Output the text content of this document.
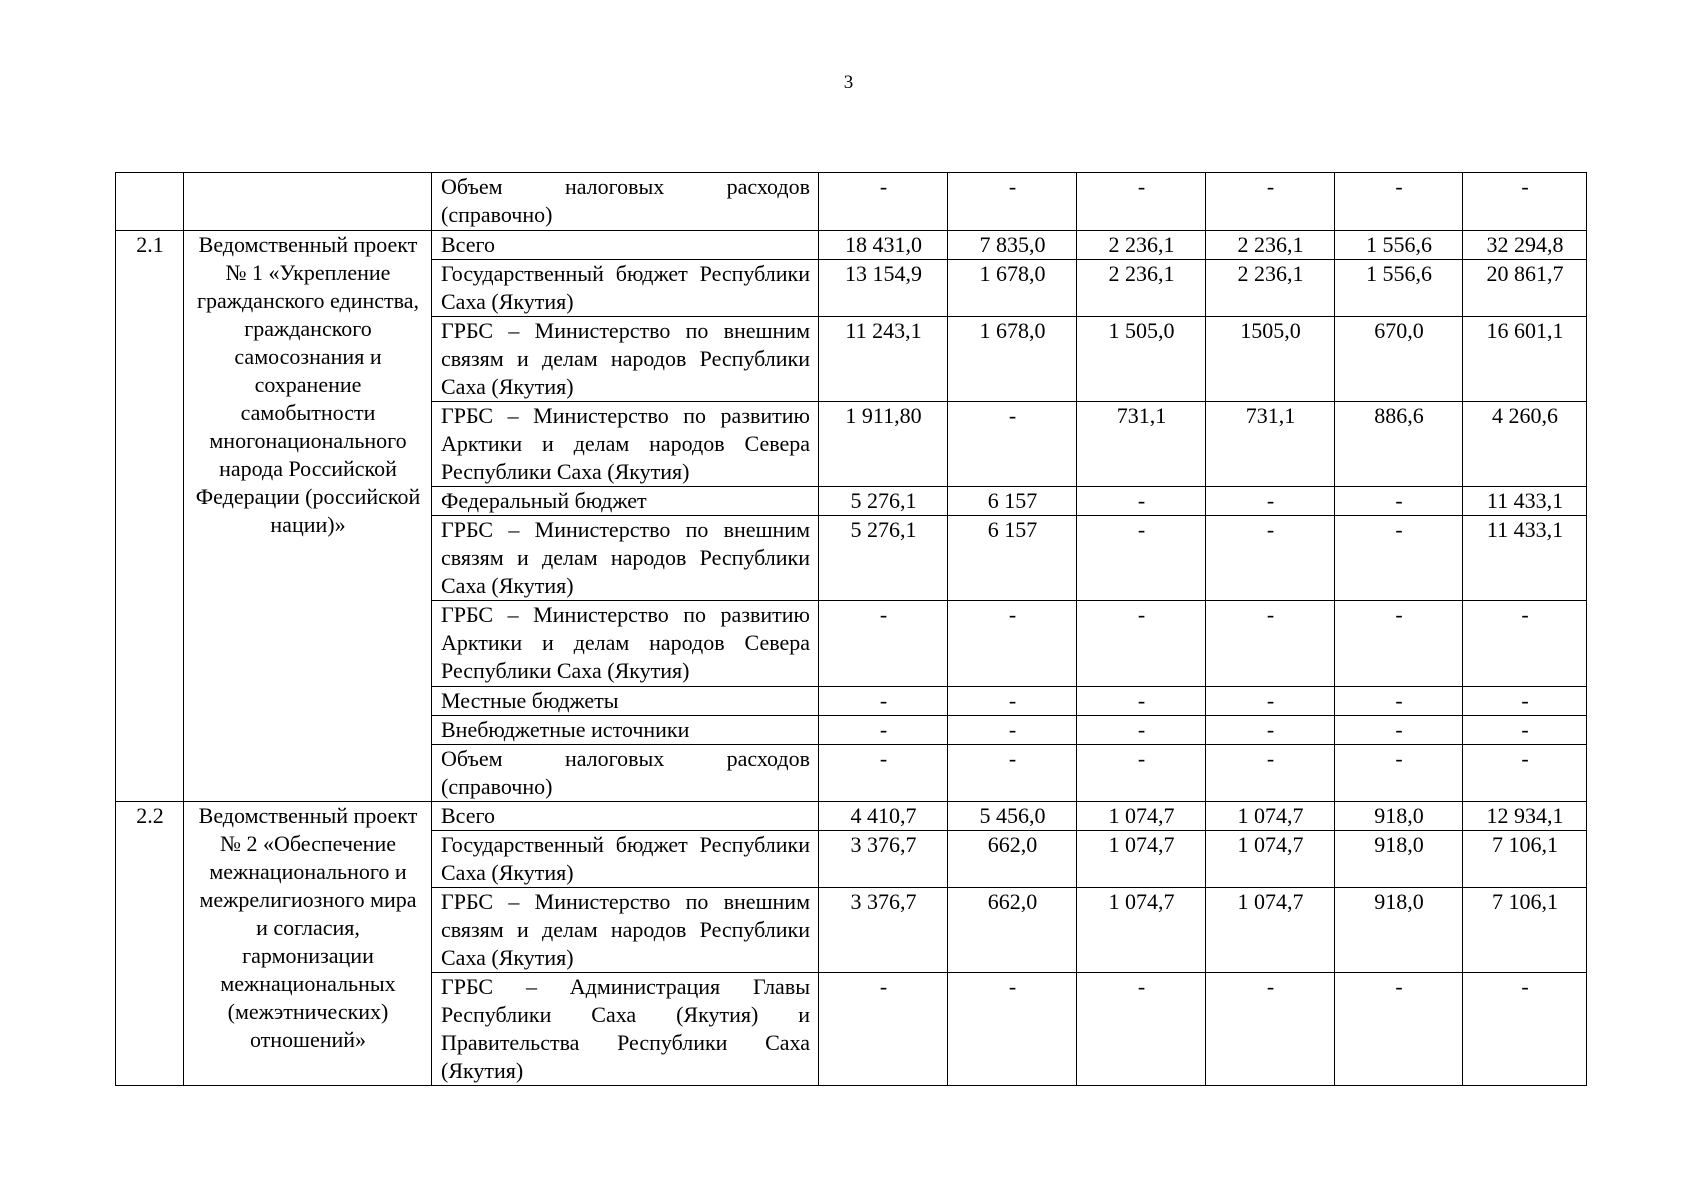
3
		Объем налоговых расходов (справочно)	-	-	-	-	-	-
2.1	Ведомственный проект № 1 «Укрепление гражданского единства, гражданского самосознания и сохранение самобытности многонационального народа Российской Федерации (российской нации)»	Всего	18 431,0	7 835,0	2 236,1	2 236,1	1 556,6	32 294,8
		Государственный бюджет Республики Саха (Якутия)	13 154,9	1 678,0	2 236,1	2 236,1	1 556,6	20 861,7
		ГРБС – Министерство по внешним связям и делам народов Республики Саха (Якутия)	11 243,1	1 678,0	1 505,0	1505,0	670,0	16 601,1
		ГРБС – Министерство по развитию Арктики и делам народов Севера Республики Саха (Якутия)	1 911,80	-	731,1	731,1	886,6	4 260,6
		Федеральный бюджет	5 276,1	6 157	-	-	-	11 433,1
		ГРБС – Министерство по внешним связям и делам народов Республики Саха (Якутия)	5 276,1	6 157	-	-	-	11 433,1
		ГРБС – Министерство по развитию Арктики и делам народов Севера Республики Саха (Якутия)	-	-	-	-	-	-
		Местные бюджеты	-	-	-	-	-	-
		Внебюджетные источники	-	-	-	-	-	-
		Объем налоговых расходов (справочно)	-	-	-	-	-	-
2.2	Ведомственный проект № 2 «Обеспечение межнационального и межрелигиозного мира и согласия, гармонизации межнациональных (межэтнических) отношений»	Всего	4 410,7	5 456,0	1 074,7	1 074,7	918,0	12 934,1
		Государственный бюджет Республики Саха (Якутия)	3 376,7	662,0	1 074,7	1 074,7	918,0	7 106,1
		ГРБС – Министерство по внешним связям и делам народов Республики Саха (Якутия)	3 376,7	662,0	1 074,7	1 074,7	918,0	7 106,1
		ГРБС – Администрация Главы Республики Саха (Якутия) и Правительства Республики Саха (Якутия)	-	-	-	-	-	-
